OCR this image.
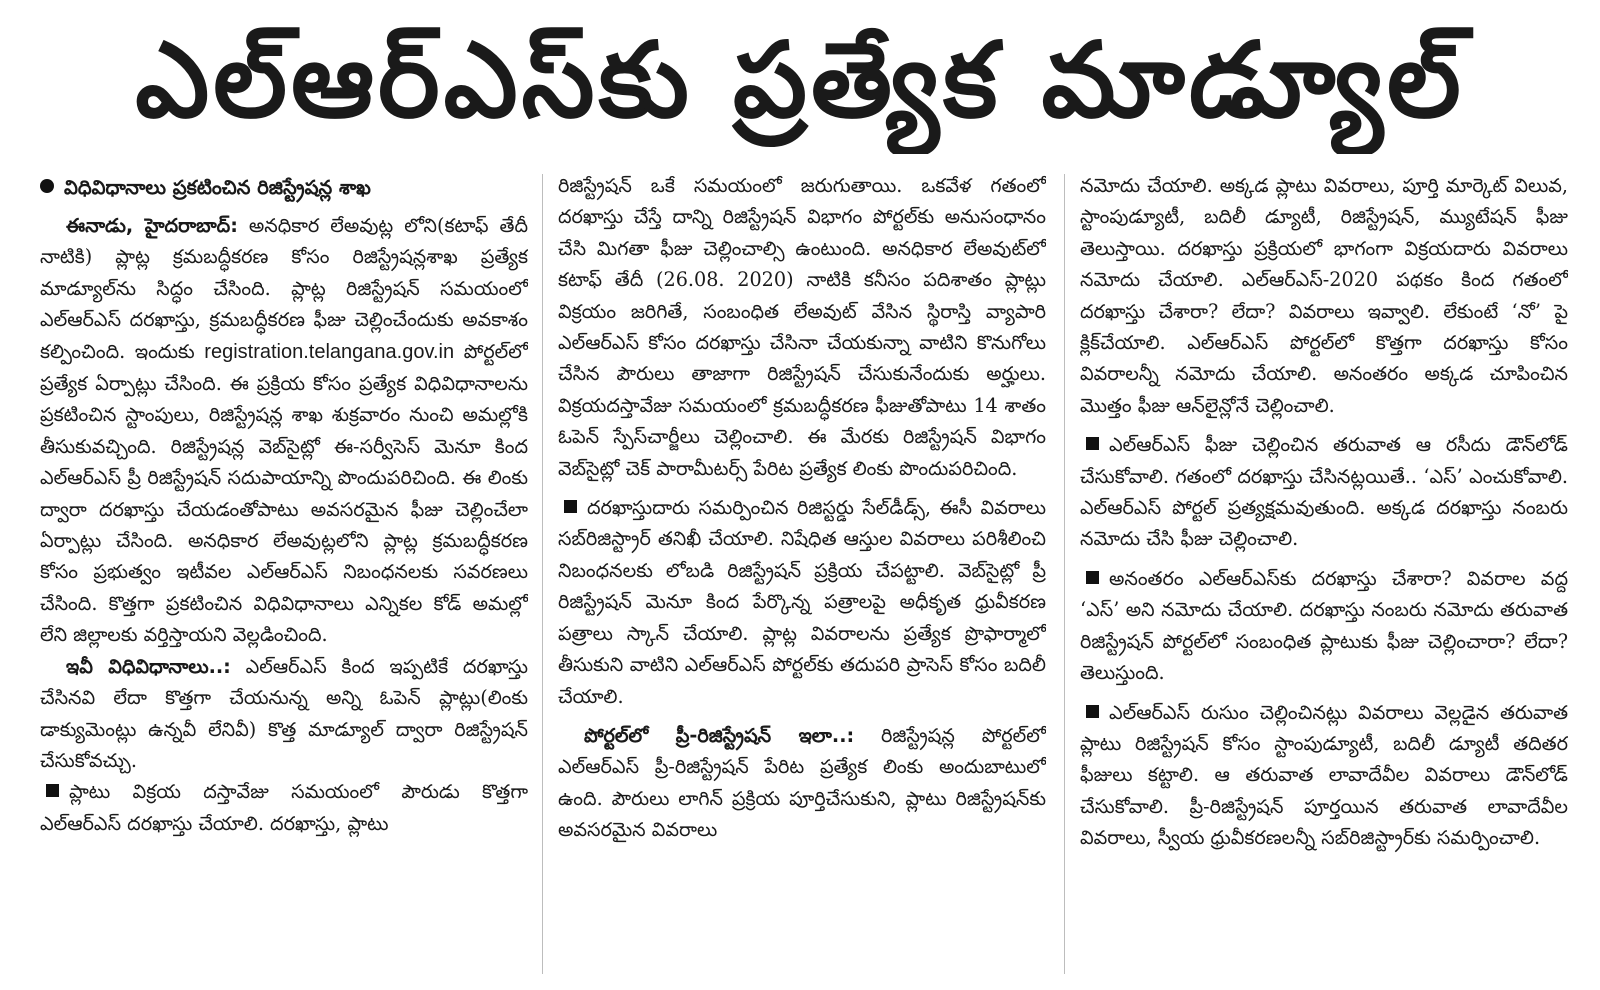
ఎల్‌ఆర్‌ఎస్‌కు ప్రత్యేక మాడ్యూల్
విధివిధానాలు ప్రకటించిన రిజిస్ట్రేషన్ల శాఖ

ఈనాడు, హైదరాబాద్: అనధికార లేఅవుట్ల లోని(కటాఫ్ తేదీ నాటికి) ప్లాట్ల క్రమబద్ధీకరణ కోసం రిజిస్ట్రేషన్లశాఖ ప్రత్యేక మాడ్యూల్‌ను సిద్ధం చేసింది. ప్లాట్ల రిజిస్ట్రేషన్ సమయంలో ఎల్ఆర్ఎస్ దరఖాస్తు, క్రమబద్ధీకరణ ఫీజు చెల్లించేందుకు అవకాశం కల్పించింది. ఇందుకు registration.telangana.gov.in పోర్టల్‌లో ప్రత్యేక ఏర్పాట్లు చేసింది. ఈ ప్రక్రియ కోసం ప్రత్యేక విధివిధానాలను ప్రకటించిన స్టాంపులు, రిజిస్ట్రేషన్ల శాఖ శుక్రవారం నుంచి అమల్లోకి తీసుకువచ్చింది. రిజిస్ట్రేషన్ల వెబ్‌సైట్లో ఈ-సర్వీసెస్ మెనూ కింద ఎల్ఆర్ఎస్ ప్రీ రిజిస్ట్రేషన్ సదుపాయాన్ని పొందుపరిచింది. ఈ లింకు ద్వారా దరఖాస్తు చేయడంతోపాటు అవసరమైన ఫీజు చెల్లించేలా ఏర్పాట్లు చేసింది. అనధికార లేఅవుట్లలోని ప్లాట్ల క్రమబద్ధీకరణ కోసం ప్రభుత్వం ఇటీవల ఎల్ఆర్ఎస్ నిబంధనలకు సవరణలు చేసింది. కొత్తగా ప్రకటించిన విధివిధానాలు ఎన్నికల కోడ్ అమల్లో లేని జిల్లాలకు వర్తిస్తాయని వెల్లడించింది.

ఇవీ విధివిధానాలు..: ఎల్ఆర్ఎస్ కింద ఇప్పటికే దరఖాస్తు చేసినవి లేదా కొత్తగా చేయనున్న అన్ని ఓపెన్ ప్లాట్లు(లింకు డాక్యుమెంట్లు ఉన్నవీ లేనివీ) కొత్త మాడ్యూల్ ద్వారా రిజిస్ట్రేషన్ చేసుకోవచ్చు.

ప్లాటు విక్రయ దస్తావేజు సమయంలో పౌరుడు కొత్తగా ఎల్ఆర్ఎస్ దరఖాస్తు చేయాలి. దరఖాస్తు, ప్లాటు

రిజిస్ట్రేషన్ ఒకే సమయంలో జరుగుతాయి. ఒకవేళ గతంలో దరఖాస్తు చేస్తే దాన్ని రిజిస్ట్రేషన్ విభాగం పోర్టల్‌కు అనుసంధానం చేసి మిగతా ఫీజు చెల్లించాల్సి ఉంటుంది. అనధికార లేఅవుట్‌లో కటాఫ్ తేదీ (26.08. 2020) నాటికి కనీసం పదిశాతం ప్లాట్లు విక్రయం జరిగితే, సంబంధిత లేఅవుట్ వేసిన స్థిరాస్తి వ్యాపారి ఎల్ఆర్ఎస్ కోసం దరఖాస్తు చేసినా చేయకున్నా వాటిని కొనుగోలు చేసిన పౌరులు తాజాగా రిజిస్ట్రేషన్ చేసుకునేందుకు అర్హులు. విక్రయదస్తావేజు సమయంలో క్రమబద్ధీకరణ ఫీజుతోపాటు 14 శాతం ఓపెన్ స్పేస్‌చార్జీలు చెల్లించాలి. ఈ మేరకు రిజిస్ట్రేషన్ విభాగం వెబ్‌సైట్లో చెక్ పారామీటర్స్ పేరిట ప్రత్యేక లింకు పొందుపరిచింది.

దరఖాస్తుదారు సమర్పించిన రిజిస్టర్డు సేల్‌డీడ్స్, ఈసీ వివరాలు సబ్‌రిజిస్ట్రార్ తనిఖీ చేయాలి. నిషేధిత ఆస్తుల వివరాలు పరిశీలించి నిబంధనలకు లోబడి రిజిస్ట్రేషన్ ప్రక్రియ చేపట్టాలి. వెబ్‌సైట్లో ప్రీ రిజిస్ట్రేషన్ మెనూ కింద పేర్కొన్న పత్రాలపై అధీకృత ధ్రువీకరణ పత్రాలు స్కాన్ చేయాలి. ప్లాట్ల వివరాలను ప్రత్యేక ప్రొఫార్మాలో తీసుకుని వాటిని ఎల్ఆర్ఎస్ పోర్టల్‌కు తదుపరి ప్రాసెస్ కోసం బదిలీ చేయాలి.

పోర్టల్‌లో ప్రీ-రిజిస్ట్రేషన్ ఇలా..: రిజిస్ట్రేషన్ల పోర్టల్‌లో ఎల్ఆర్ఎస్ ప్రీ-రిజిస్ట్రేషన్ పేరిట ప్రత్యేక లింకు అందుబాటులో ఉంది. పౌరులు లాగిన్ ప్రక్రియ పూర్తిచేసుకుని, ప్లాటు రిజిస్ట్రేషన్‌కు అవసరమైన వివరాలు

నమోదు చేయాలి. అక్కడ ప్లాటు వివరాలు, పూర్తి మార్కెట్ విలువ, స్టాంపుడ్యూటీ, బదిలీ డ్యూటీ, రిజిస్ట్రేషన్, మ్యుటేషన్ ఫీజు తెలుస్తాయి. దరఖాస్తు ప్రక్రియలో భాగంగా విక్రయదారు వివరాలు నమోదు చేయాలి. ఎల్ఆర్ఎస్-2020 పథకం కింద గతంలో దరఖాస్తు చేశారా? లేదా? వివరాలు ఇవ్వాలి. లేకుంటే ‘నో’ పై క్లిక్‌చేయాలి. ఎల్ఆర్ఎస్ పోర్టల్‌లో కొత్తగా దరఖాస్తు కోసం వివరాలన్నీ నమోదు చేయాలి. అనంతరం అక్కడ చూపించిన మొత్తం ఫీజు ఆన్‌లైన్లోనే చెల్లించాలి.

ఎల్ఆర్ఎస్ ఫీజు చెల్లించిన తరువాత ఆ రసీదు డౌన్‌లోడ్ చేసుకోవాలి. గతంలో దరఖాస్తు చేసినట్లయితే.. ‘ఎస్’ ఎంచుకోవాలి. ఎల్ఆర్ఎస్ పోర్టల్ ప్రత్యక్షమవుతుంది. అక్కడ దరఖాస్తు నంబరు నమోదు చేసి ఫీజు చెల్లించాలి.

అనంతరం ఎల్ఆర్ఎస్‌కు దరఖాస్తు చేశారా? వివరాల వద్ద ‘ఎస్’ అని నమోదు చేయాలి. దరఖాస్తు నంబరు నమోదు తరువాత రిజిస్ట్రేషన్ పోర్టల్‌లో సంబంధిత ప్లాటుకు ఫీజు చెల్లించారా? లేదా? తెలుస్తుంది.

ఎల్ఆర్ఎస్ రుసుం చెల్లించినట్లు వివరాలు వెల్లడైన తరువాత ప్లాటు రిజిస్ట్రేషన్ కోసం స్టాంపుడ్యూటీ, బదిలీ డ్యూటీ తదితర ఫీజులు కట్టాలి. ఆ తరువాత లావాదేవీల వివరాలు డౌన్‌లోడ్ చేసుకోవాలి. ప్రీ-రిజిస్ట్రేషన్ పూర్తయిన తరువాత లావాదేవీల వివరాలు, స్వీయ ధ్రువీకరణలన్నీ సబ్‌రిజిస్ట్రార్‌కు సమర్పించాలి.
